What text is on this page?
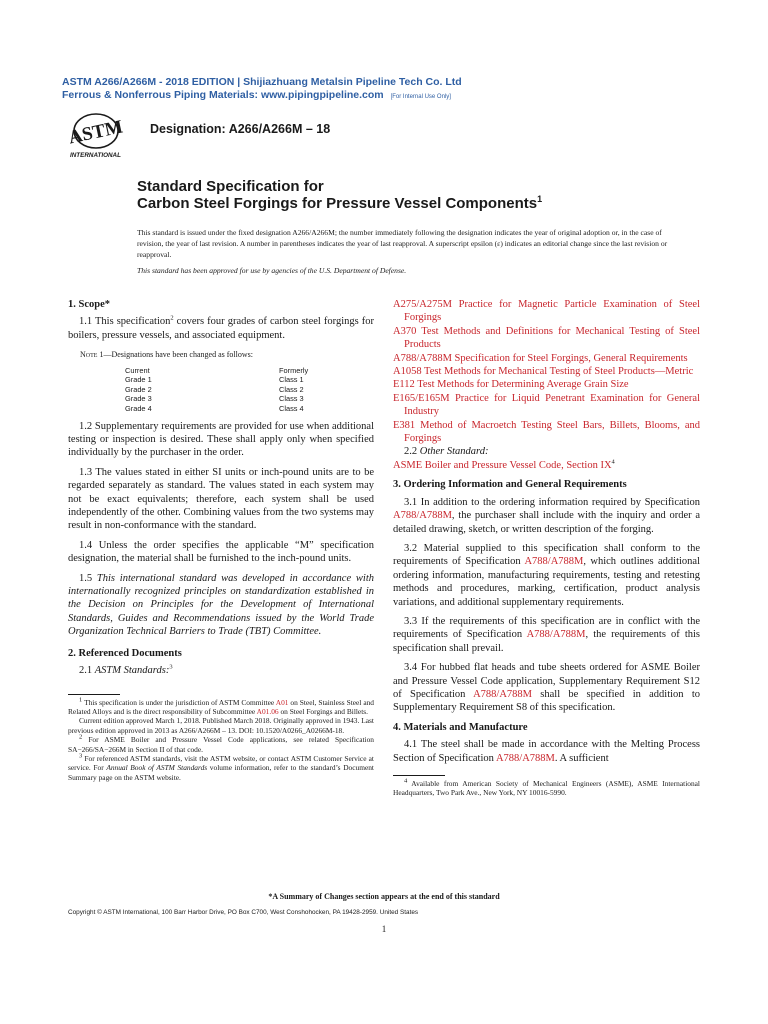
ASTM A266/A266M - 2018 EDITION | Shijiazhuang Metalsin Pipeline Tech Co. Ltd
Ferrous & Nonferrous Piping Materials: www.pipingpipeline.com [For Internal Use Only]
ASTM
INTERNATIONAL
Designation: A266/A266M – 18
Standard Specification for
Carbon Steel Forgings for Pressure Vessel Components$^1$
This standard is issued under the fixed designation A266/A266M; the number immediately following the designation indicates the year of original adoption or, in the case of revision, the year of last revision. A number in parentheses indicates the year of last reapproval. A superscript epsilon (ε) indicates an editorial change since the last revision or reapproval.
This standard has been approved for use by agencies of the U.S. Department of Defense.
1. Scope*

1.1 This specification$^2$ covers four grades of carbon steel forgings for boilers, pressure vessels, and associated equipment.

Note 1—Designations have been changed as follows:
Current	Formerly
Grade 1	Class 1
Grade 2	Class 2
Grade 3	Class 3
Grade 4	Class 4

1.2 Supplementary requirements are provided for use when additional testing or inspection is desired. These shall apply only when specified individually by the purchaser in the order.

1.3 The values stated in either SI units or inch-pound units are to be regarded separately as standard. The values stated in each system may not be exact equivalents; therefore, each system shall be used independently of the other. Combining values from the two systems may result in non-conformance with the standard.

1.4 Unless the order specifies the applicable “M” specification designation, the material shall be furnished to the inch-pound units.

1.5 This international standard was developed in accordance with internationally recognized principles on standardization established in the Decision on Principles for the Development of International Standards, Guides and Recommendations issued by the World Trade Organization Technical Barriers to Trade (TBT) Committee.

2. Referenced Documents

2.1 ASTM Standards:$^3$

$^1$ This specification is under the jurisdiction of ASTM Committee A01 on Steel, Stainless Steel and Related Alloys and is the direct responsibility of Subcommittee A01.06 on Steel Forgings and Billets.

Current edition approved March 1, 2018. Published March 2018. Originally approved in 1943. Last previous edition approved in 2013 as A266/A266M – 13. DOI: 10.1520/A0266_A0266M-18.

$^2$ For ASME Boiler and Pressure Vessel Code applications, see related Specification SA−266/SA−266M in Section II of that code.

$^3$ For referenced ASTM standards, visit the ASTM website, or contact ASTM Customer Service at service. For Annual Book of ASTM Standards volume information, refer to the standard’s Document Summary page on the ASTM website.

A275/A275M Practice for Magnetic Particle Examination of Steel Forgings

A370 Test Methods and Definitions for Mechanical Testing of Steel Products

A788/A788M Specification for Steel Forgings, General Requirements

A1058 Test Methods for Mechanical Testing of Steel Products—Metric

E112 Test Methods for Determining Average Grain Size

E165/E165M Practice for Liquid Penetrant Examination for General Industry

E381 Method of Macroetch Testing Steel Bars, Billets, Blooms, and Forgings

2.2 Other Standard:

ASME Boiler and Pressure Vessel Code, Section $IX^4$

3. Ordering Information and General Requirements

3.1 In addition to the ordering information required by Specification A788/A788M, the purchaser shall include with the inquiry and order a detailed drawing, sketch, or written description of the forging.

3.2 Material supplied to this specification shall conform to the requirements of Specification A788/A788M, which outlines additional ordering information, manufacturing requirements, testing and retesting methods and procedures, marking, certification, product analysis variations, and additional supplementary requirements.

3.3 If the requirements of this specification are in conflict with the requirements of Specification A788/A788M, the requirements of this specification shall prevail.

3.4 For hubbed flat heads and tube sheets ordered for ASME Boiler and Pressure Vessel Code application, Supplementary Requirement S12 of Specification A788/A788M shall be specified in addition to Supplementary Requirement S8 of this specification.

4. Materials and Manufacture

4.1 The steel shall be made in accordance with the Melting Process Section of Specification A788/A788M. A sufficient

$^4$ Available from American Society of Mechanical Engineers (ASME), ASME International Headquarters, Two Park Ave., New York, NY 10016-5990.

*A Summary of Changes section appears at the end of this standard
Copyright © ASTM International, 100 Barr Harbor Drive, PO Box C700, West Conshohocken, PA 19428-2959. United States
1
